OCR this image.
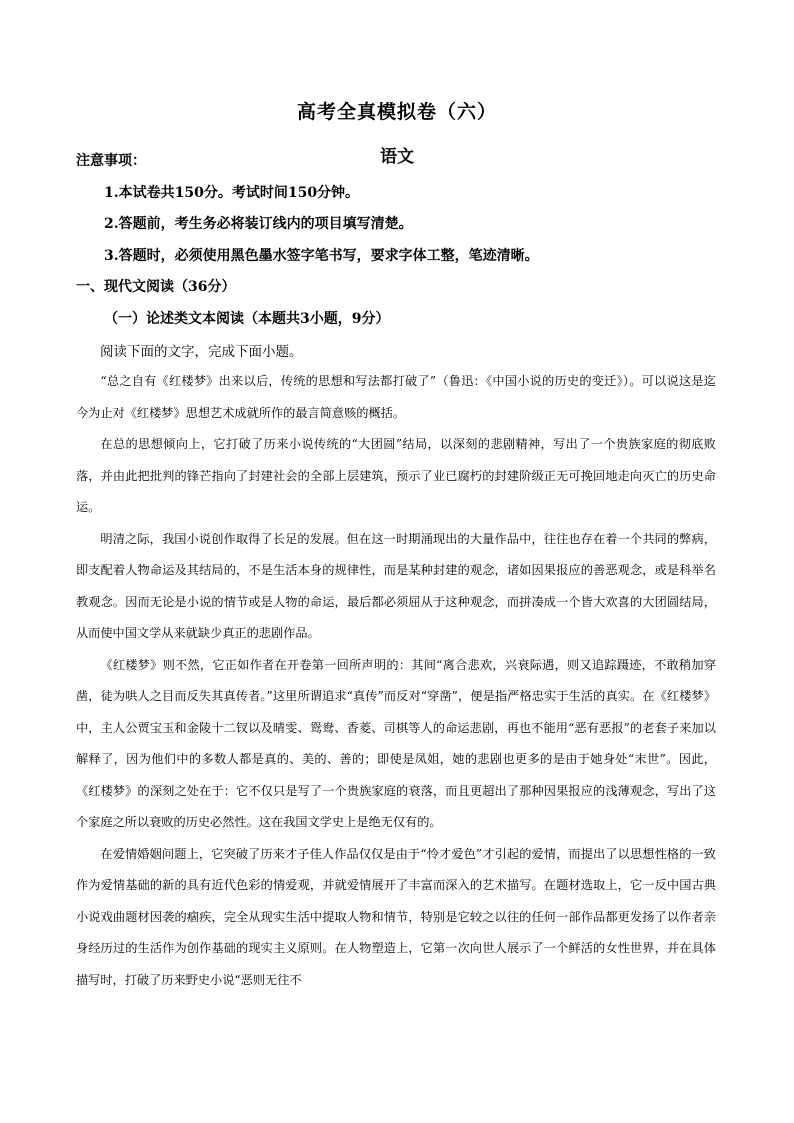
高考全真模拟卷（六）
语文
注意事项：
1.本试卷共150分。考试时间150分钟。
2.答题前，考生务必将装订线内的项目填写清楚。
3.答题时，必须使用黑色墨水签字笔书写，要求字体工整，笔迹清晰。
一、现代文阅读（36分）
（一）论述类文本阅读（本题共3小题，9分）
阅读下面的文字，完成下面小题。

“总之自有《红楼梦》出来以后，传统的思想和写法都打破了”（鲁迅：《中国小说的历史的变迁》）。可以说这是迄今为止对《红楼梦》思想艺术成就所作的最言简意赅的概括。

在总的思想倾向上，它打破了历来小说传统的“大团圆”结局，以深刻的悲剧精神，写出了一个贵族家庭的彻底败落，并由此把批判的锋芒指向了封建社会的全部上层建筑，预示了业已腐朽的封建阶级正无可挽回地走向灭亡的历史命运。

明清之际，我国小说创作取得了长足的发展。但在这一时期涌现出的大量作品中，往往也存在着一个共同的弊病，即支配着人物命运及其结局的，不是生活本身的规律性，而是某种封建的观念，诸如因果报应的善恶观念，或是科举名教观念。因而无论是小说的情节或是人物的命运，最后都必须屈从于这种观念，而拼凑成一个皆大欢喜的大团圆结局，从而使中国文学从来就缺少真正的悲剧作品。

《红楼梦》则不然，它正如作者在开卷第一回所声明的：其间“离合悲欢，兴衰际遇，则又追踪蹑迹，不敢稍加穿凿，徒为哄人之目而反失其真传者。”这里所谓追求“真传”而反对“穿凿”，便是指严格忠实于生活的真实。在《红楼梦》中，主人公贾宝玉和金陵十二钗以及晴雯、鸳鸯、香菱、司棋等人的命运悲剧，再也不能用“恶有恶报”的老套子来加以解释了，因为他们中的多数人都是真的、美的、善的；即使是凤姐，她的悲剧也更多的是由于她身处“末世”。因此，《红楼梦》的深刻之处在于：它不仅只是写了一个贵族家庭的衰落，而且更超出了那种因果报应的浅薄观念，写出了这个家庭之所以衰败的历史必然性。这在我国文学史上是绝无仅有的。

在爱情婚姻问题上，它突破了历来才子佳人作品仅仅是由于“怜才爱色”才引起的爱情，而提出了以思想性格的一致作为爱情基础的新的具有近代色彩的情爱观，并就爱情展开了丰富而深入的艺术描写。在题材选取上，它一反中国古典小说戏曲题材因袭的痼疾，完全从现实生活中提取人物和情节，特别是它较之以往的任何一部作品都更发扬了以作者亲身经历过的生活作为创作基础的现实主义原则。在人物塑造上，它第一次向世人展示了一个鲜活的女性世界，并在具体描写时，打破了历来野史小说“恶则无往不
